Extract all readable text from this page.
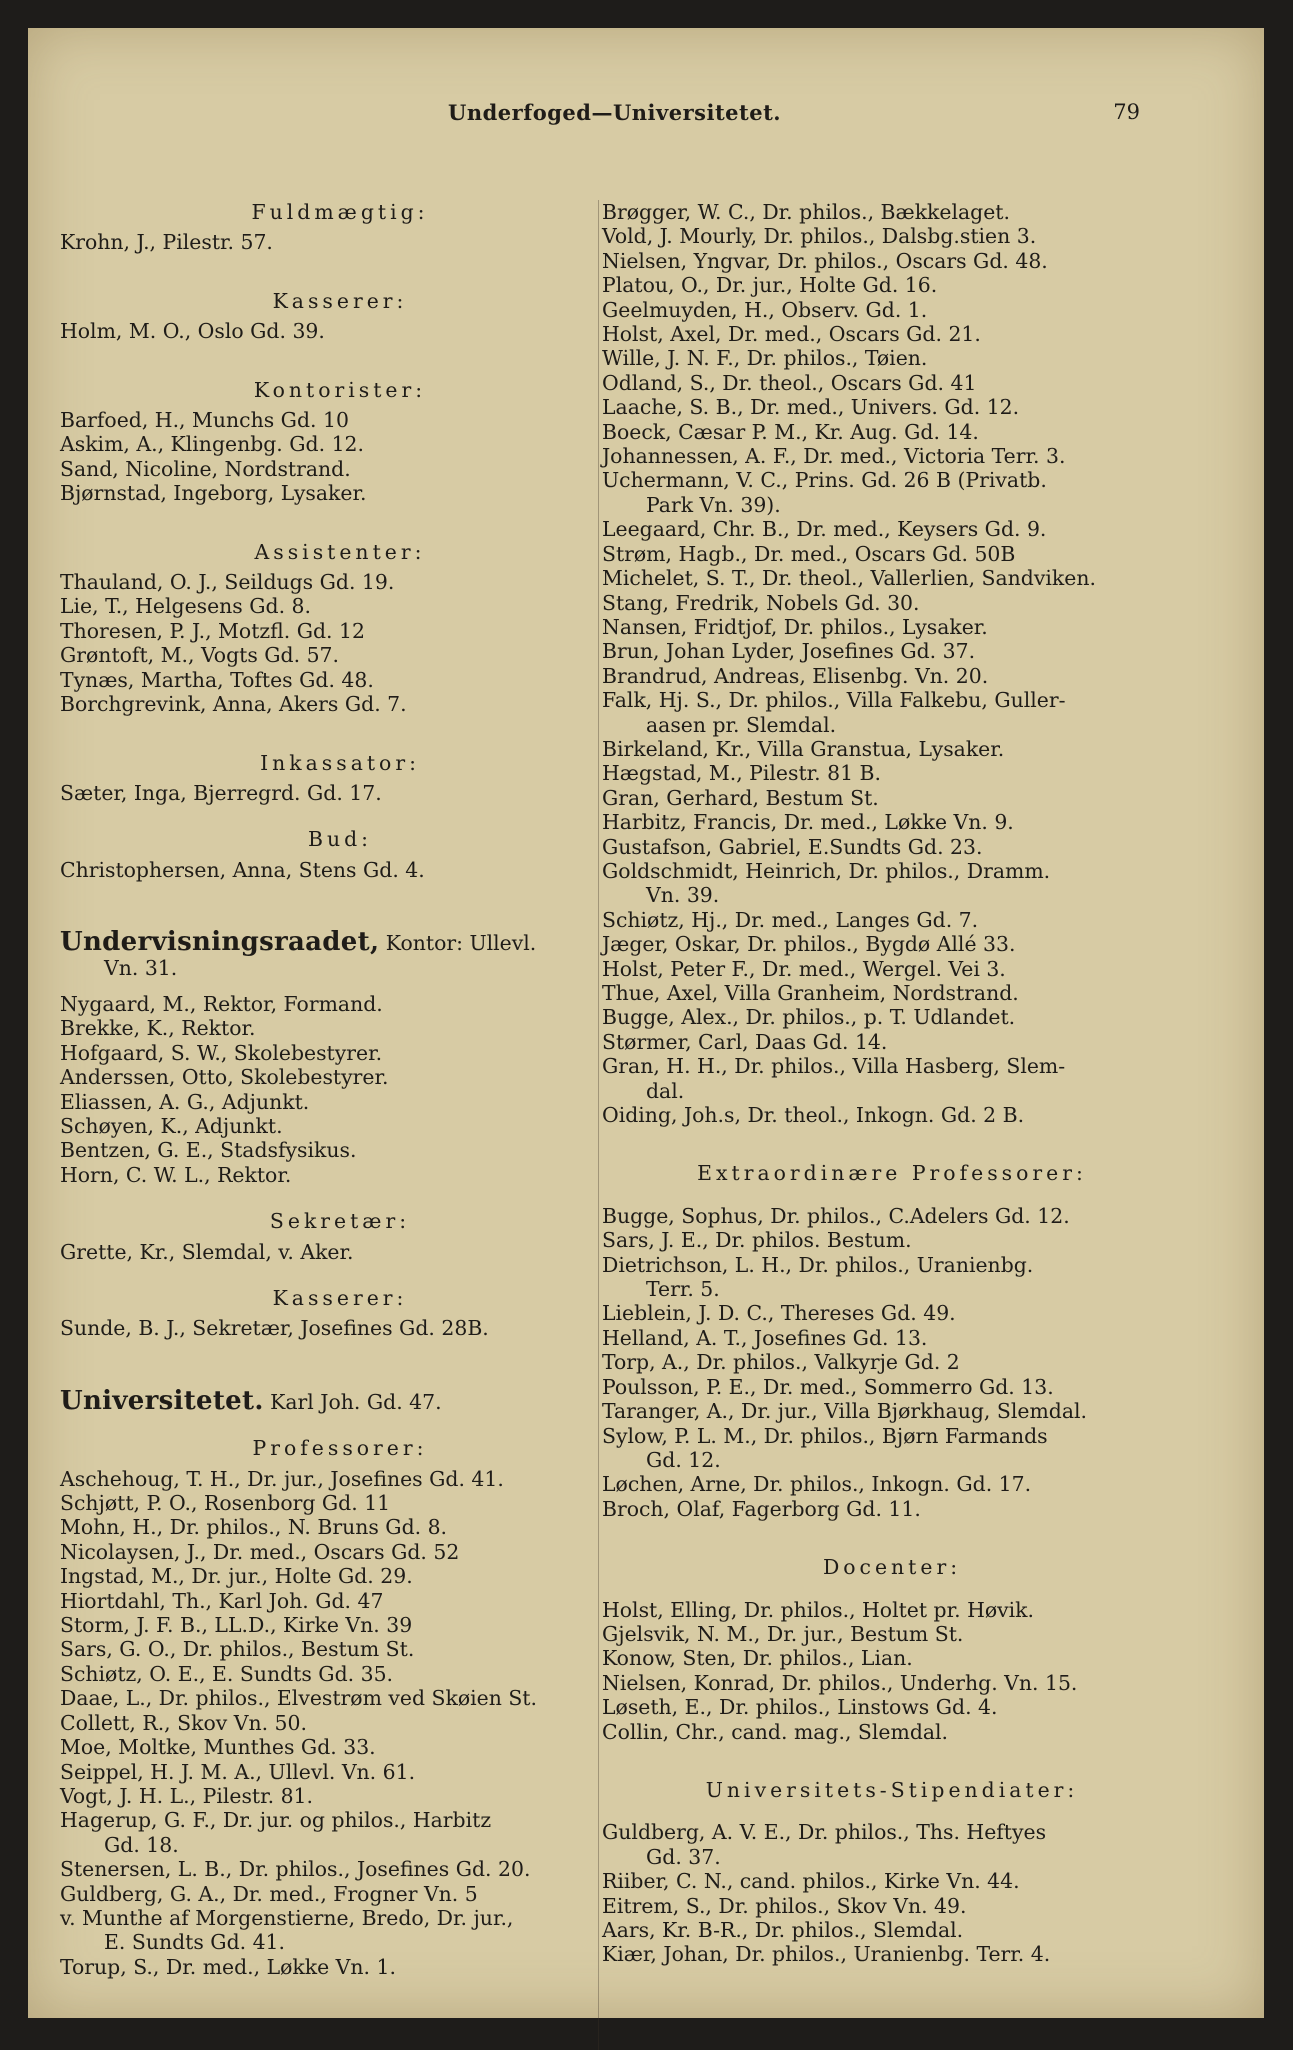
Underfoged—Universitetet.	79
Fuldmægtig:
Krohn, J., Pilestr. 57.
Kasserer:
Holm, M. O., Oslo Gd. 39.
Kontorister:
Barfoed, H., Munchs Gd. 10
Askim, A., Klingenbg. Gd. 12.
Sand, Nicoline, Nordstrand.
Bjørnstad, Ingeborg, Lysaker.
Assistenter:
Thauland, O. J., Seildugs Gd. 19.
Lie, T., Helgesens Gd. 8.
Thoresen, P. J., Motzfl. Gd. 12
Grøntoft, M., Vogts Gd. 57.
Tynæs, Martha, Toftes Gd. 48.
Borchgrevink, Anna, Akers Gd. 7.
Inkassator:
Sæter, Inga, Bjerregrd. Gd. 17.
Bud:
Christophersen, Anna, Stens Gd. 4.
Undervisningsraadet, Kontor: Ullevl.
Vn. 31.
Nygaard, M., Rektor, Formand.
Brekke, K., Rektor.
Hofgaard, S. W., Skolebestyrer.
Anderssen, Otto, Skolebestyrer.
Eliassen, A. G., Adjunkt.
Schøyen, K., Adjunkt.
Bentzen, G. E., Stadsfysikus.
Horn, C. W. L., Rektor.
Sekretær:
Grette, Kr., Slemdal, v. Aker.
Kasserer:
Sunde, B. J., Sekretær, Josefines Gd. 28B.
Universitetet. Karl Joh. Gd. 47.
Professorer:
Aschehoug, T. H., Dr. jur., Josefines Gd. 41.
Schjøtt, P. O., Rosenborg Gd. 11
Mohn, H., Dr. philos., N. Bruns Gd. 8.
Nicolaysen, J., Dr. med., Oscars Gd. 52
Ingstad, M., Dr. jur., Holte Gd. 29.
Hiortdahl, Th., Karl Joh. Gd. 47
Storm, J. F. B., LL.D., Kirke Vn. 39
Sars, G. O., Dr. philos., Bestum St.
Schiøtz, O. E., E. Sundts Gd. 35.
Daae, L., Dr. philos., Elvestrøm ved Skøien St.
Collett, R., Skov Vn. 50.
Moe, Moltke, Munthes Gd. 33.
Seippel, H. J. M. A., Ullevl. Vn. 61.
Vogt, J. H. L., Pilestr. 81.
Hagerup, G. F., Dr. jur. og philos., Harbitz
Gd. 18.
Stenersen, L. B., Dr. philos., Josefines Gd. 20.
Guldberg, G. A., Dr. med., Frogner Vn. 5
v. Munthe af Morgenstierne, Bredo, Dr. jur.,
E. Sundts Gd. 41.
Torup, S., Dr. med., Løkke Vn. 1.
Brøgger, W. C., Dr. philos., Bækkelaget.
Vold, J. Mourly, Dr. philos., Dalsbg.stien 3.
Nielsen, Yngvar, Dr. philos., Oscars Gd. 48.
Platou, O., Dr. jur., Holte Gd. 16.
Geelmuyden, H., Observ. Gd. 1.
Holst, Axel, Dr. med., Oscars Gd. 21.
Wille, J. N. F., Dr. philos., Tøien.
Odland, S., Dr. theol., Oscars Gd. 41
Laache, S. B., Dr. med., Univers. Gd. 12.
Boeck, Cæsar P. M., Kr. Aug. Gd. 14.
Johannessen, A. F., Dr. med., Victoria Terr. 3.
Uchermann, V. C., Prins. Gd. 26 B (Privatb.
Park Vn. 39).
Leegaard, Chr. B., Dr. med., Keysers Gd. 9.
Strøm, Hagb., Dr. med., Oscars Gd. 50B
Michelet, S. T., Dr. theol., Vallerlien, Sandviken.
Stang, Fredrik, Nobels Gd. 30.
Nansen, Fridtjof, Dr. philos., Lysaker.
Brun, Johan Lyder, Josefines Gd. 37.
Brandrud, Andreas, Elisenbg. Vn. 20.
Falk, Hj. S., Dr. philos., Villa Falkebu, Guller-
aasen pr. Slemdal.
Birkeland, Kr., Villa Granstua, Lysaker.
Hægstad, M., Pilestr. 81 B.
Gran, Gerhard, Bestum St.
Harbitz, Francis, Dr. med., Løkke Vn. 9.
Gustafson, Gabriel, E.Sundts Gd. 23.
Goldschmidt, Heinrich, Dr. philos., Dramm.
Vn. 39.
Schiøtz, Hj., Dr. med., Langes Gd. 7.
Jæger, Oskar, Dr. philos., Bygdø Allé 33.
Holst, Peter F., Dr. med., Wergel. Vei 3.
Thue, Axel, Villa Granheim, Nordstrand.
Bugge, Alex., Dr. philos., p. T. Udlandet.
Størmer, Carl, Daas Gd. 14.
Gran, H. H., Dr. philos., Villa Hasberg, Slem-
dal.
Oiding, Joh.s, Dr. theol., Inkogn. Gd. 2 B.
Extraordinære Professorer:
Bugge, Sophus, Dr. philos., C.Adelers Gd. 12.
Sars, J. E., Dr. philos. Bestum.
Dietrichson, L. H., Dr. philos., Uranienbg.
Terr. 5.
Lieblein, J. D. C., Thereses Gd. 49.
Helland, A. T., Josefines Gd. 13.
Torp, A., Dr. philos., Valkyrje Gd. 2
Poulsson, P. E., Dr. med., Sommerro Gd. 13.
Taranger, A., Dr. jur., Villa Bjørkhaug, Slemdal.
Sylow, P. L. M., Dr. philos., Bjørn Farmands
Gd. 12.
Løchen, Arne, Dr. philos., Inkogn. Gd. 17.
Broch, Olaf, Fagerborg Gd. 11.
Docenter:
Holst, Elling, Dr. philos., Holtet pr. Høvik.
Gjelsvik, N. M., Dr. jur., Bestum St.
Konow, Sten, Dr. philos., Lian.
Nielsen, Konrad, Dr. philos., Underhg. Vn. 15.
Løseth, E., Dr. philos., Linstows Gd. 4.
Collin, Chr., cand. mag., Slemdal.
Universitets-Stipendiater:
Guldberg, A. V. E., Dr. philos., Ths. Heftyes
Gd. 37.
Riiber, C. N., cand. philos., Kirke Vn. 44.
Eitrem, S., Dr. philos., Skov Vn. 49.
Aars, Kr. B-R., Dr. philos., Slemdal.
Kiær, Johan, Dr. philos., Uranienbg. Terr. 4.
